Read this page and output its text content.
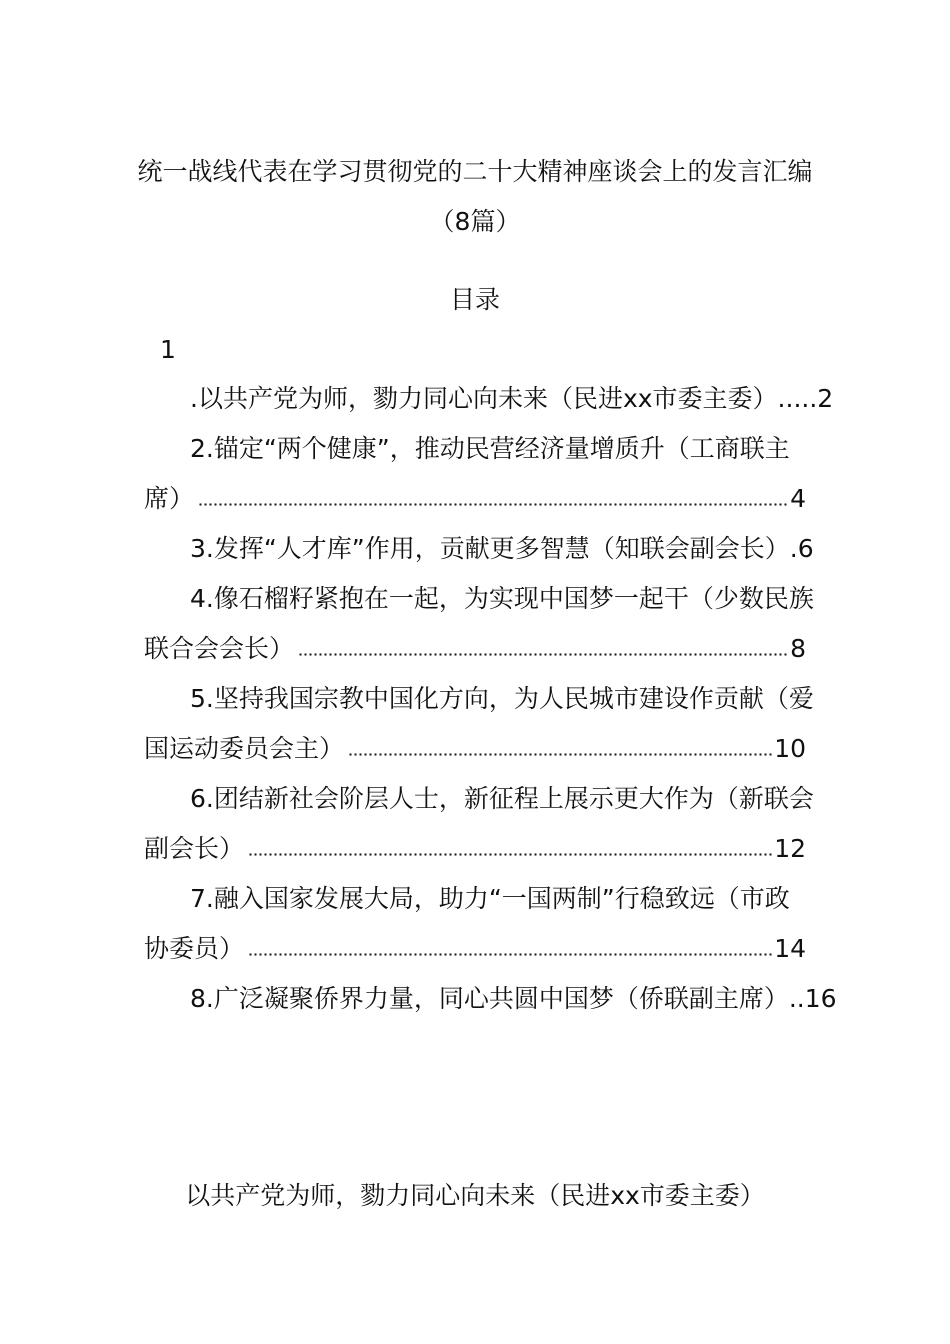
统一战线代表在学习贯彻党的二十大精神座谈会上的发言汇编
（8篇）
目录
1
.以共产党为师，勠力同心向未来（民进xx市委主委） .....2
2.锚定“两个健康”，推动民营经济量增质升（工商联主
席）	4
3.发挥“人才库”作用，贡献更多智慧（知联会副会长） .6
4.像石榴籽紧抱在一起，为实现中国梦一起干（少数民族
联合会会长）	8
5.坚持我国宗教中国化方向，为人民城市建设作贡献（爱
国运动委员会主）	10
6.团结新社会阶层人士，新征程上展示更大作为（新联会
副会长）	12
7.融入国家发展大局，助力“一国两制”行稳致远（市政
协委员）	14
8.广泛凝聚侨界力量，同心共圆中国梦（侨联副主席） ..16
以共产党为师，勠力同心向未来（民进xx市委主委）
